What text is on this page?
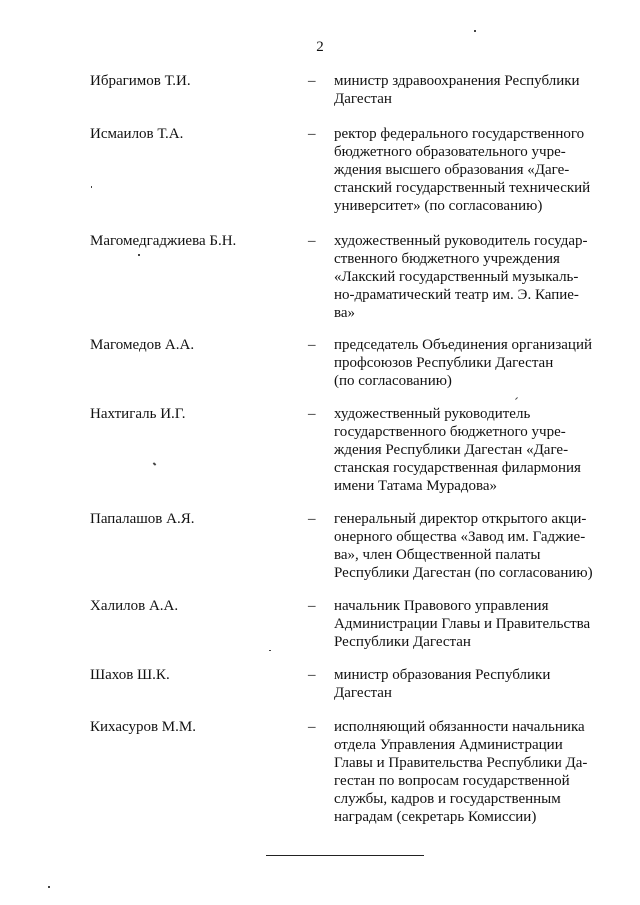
2
Ибрагимов Т.И.	– министр здравоохранения Республики
Дагестан
Исмаилов Т.А.	– ректор федерального государственного
бюджетного образовательного учре-
ждения высшего образования «Даге-
станский государственный технический
университет» (по согласованию)
Магомедгаджиева Б.Н.	– художественный руководитель государ-
ственного бюджетного учреждения
«Лакский государственный музыкаль-
но-драматический театр им. Э. Капие-
ва»
Магомедов А.А.	– председатель Объединения организаций
профсоюзов Республики Дагестан
(по согласованию)
Нахтигаль И.Г.	– художественный руководитель
государственного бюджетного учре-
ждения Республики Дагестан «Даге-
станская государственная филармония
имени Татама Мурадова»
Папалашов А.Я.	– генеральный директор открытого акци-
онерного общества «Завод им. Гаджие-
ва», член Общественной палаты
Республики Дагестан (по согласованию)
Халилов А.А.	– начальник Правового управления
Администрации Главы и Правительства
Республики Дагестан
Шахов Ш.К.	– министр образования Республики
Дагестан
Кихасуров М.М.	– исполняющий обязанности начальника
отдела Управления Администрации
Главы и Правительства Республики Да-
гестан по вопросам государственной
службы, кадров и государственным
наградам (секретарь Комиссии)
